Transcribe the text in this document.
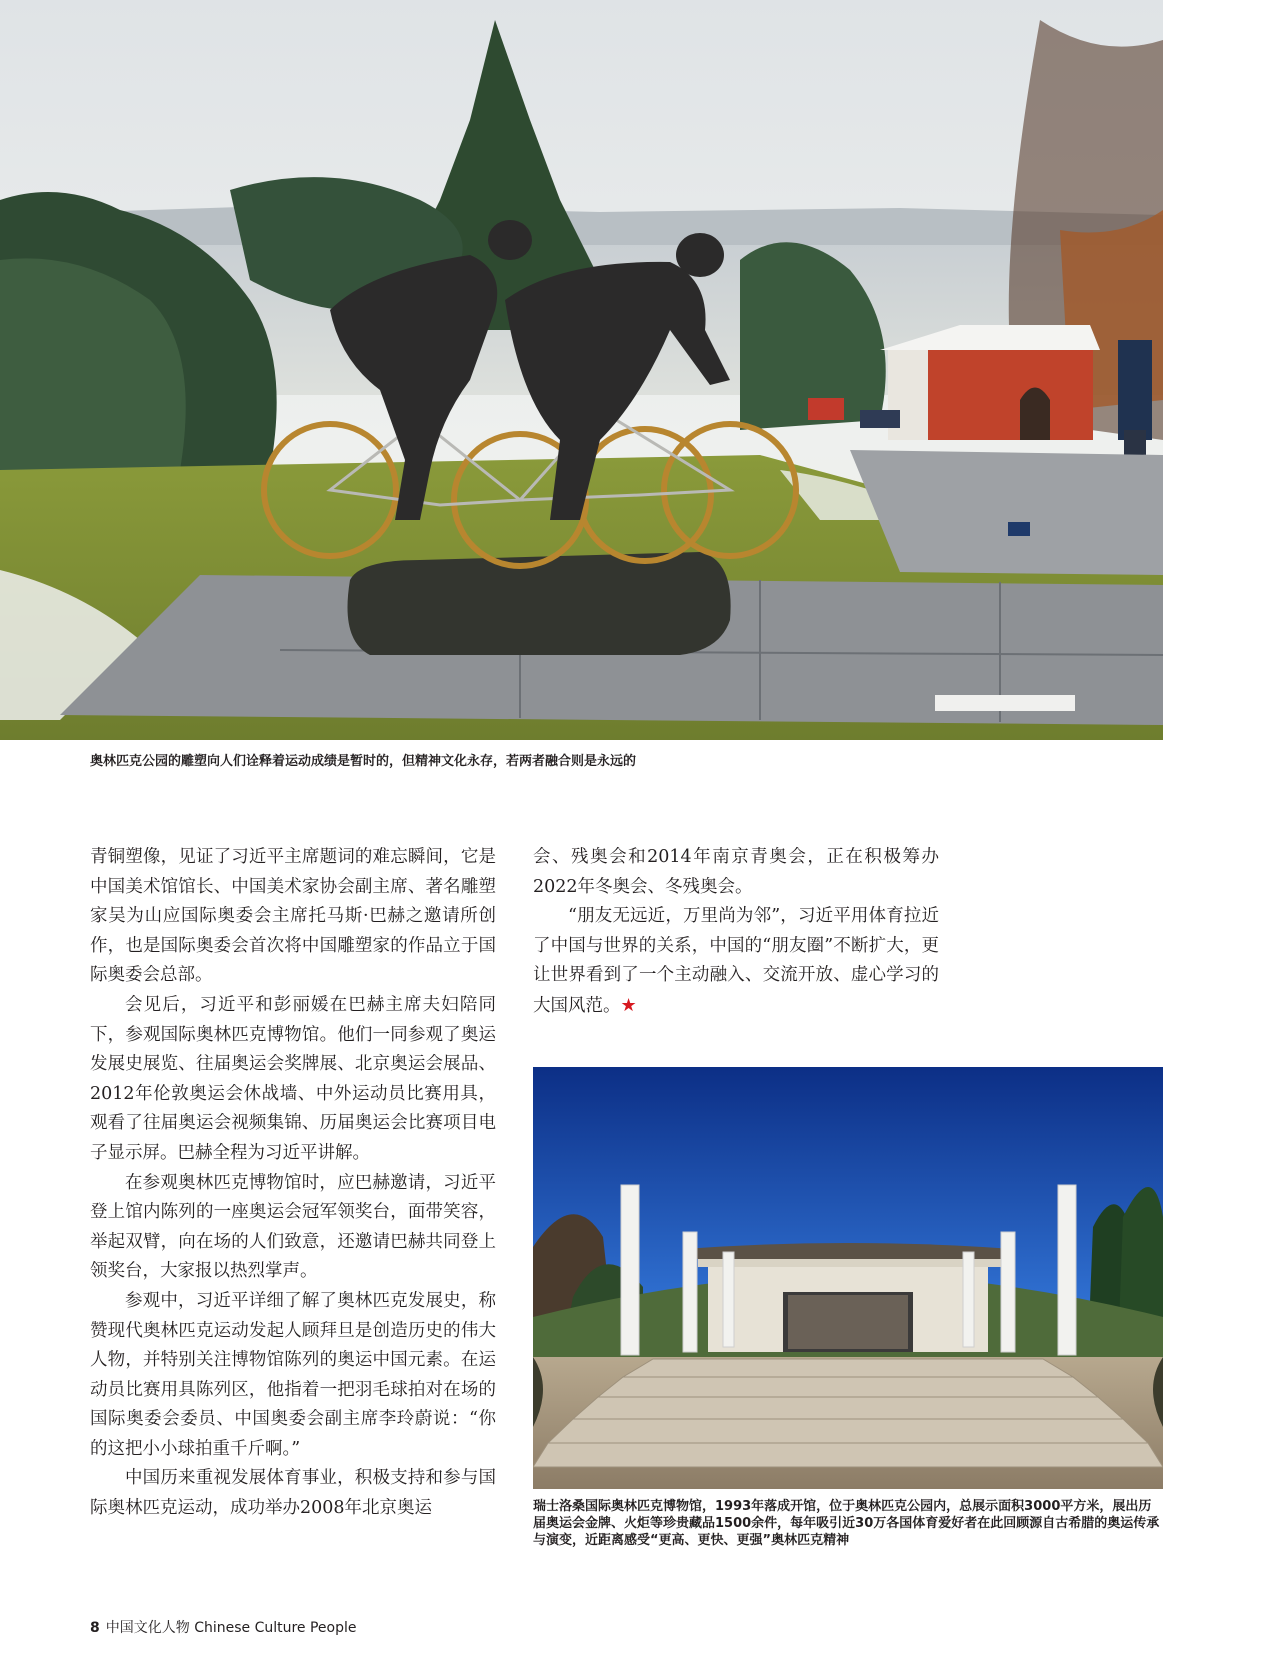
奥林匹克公园的雕塑向人们诠释着运动成绩是暂时的，但精神文化永存，若两者融合则是永远的

青铜塑像，见证了习近平主席题词的难忘瞬间，它是中国美术馆馆长、中国美术家协会副主席、著名雕塑家吴为山应国际奥委会主席托马斯·巴赫之邀请所创作，也是国际奥委会首次将中国雕塑家的作品立于国际奥委会总部。

会见后，习近平和彭丽媛在巴赫主席夫妇陪同下，参观国际奥林匹克博物馆。他们一同参观了奥运发展史展览、往届奥运会奖牌展、北京奥运会展品、2012年伦敦奥运会休战墙、中外运动员比赛用具，观看了往届奥运会视频集锦、历届奥运会比赛项目电子显示屏。巴赫全程为习近平讲解。

在参观奥林匹克博物馆时，应巴赫邀请，习近平登上馆内陈列的一座奥运会冠军领奖台，面带笑容，举起双臂，向在场的人们致意，还邀请巴赫共同登上领奖台，大家报以热烈掌声。

参观中，习近平详细了解了奥林匹克发展史，称赞现代奥林匹克运动发起人顾拜旦是创造历史的伟大人物，并特别关注博物馆陈列的奥运中国元素。在运动员比赛用具陈列区，他指着一把羽毛球拍对在场的国际奥委会委员、中国奥委会副主席李玲蔚说：“你的这把小小球拍重千斤啊。”

中国历来重视发展体育事业，积极支持和参与国际奥林匹克运动，成功举办2008年北京奥运

会、残奥会和2014年南京青奥会，正在积极筹办2022年冬奥会、冬残奥会。

“朋友无远近，万里尚为邻”，习近平用体育拉近了中国与世界的关系，中国的“朋友圈”不断扩大，更让世界看到了一个主动融入、交流开放、虚心学习的大国风范。★

瑞士洛桑国际奥林匹克博物馆，1993年落成开馆，位于奥林匹克公园内，总展示面积3000平方米，展出历届奥运会金牌、火炬等珍贵藏品1500余件，每年吸引近30万各国体育爱好者在此回顾源自古希腊的奥运传承与演变，近距离感受“更高、更快、更强”奥林匹克精神
8 中国文化人物 Chinese Culture People
